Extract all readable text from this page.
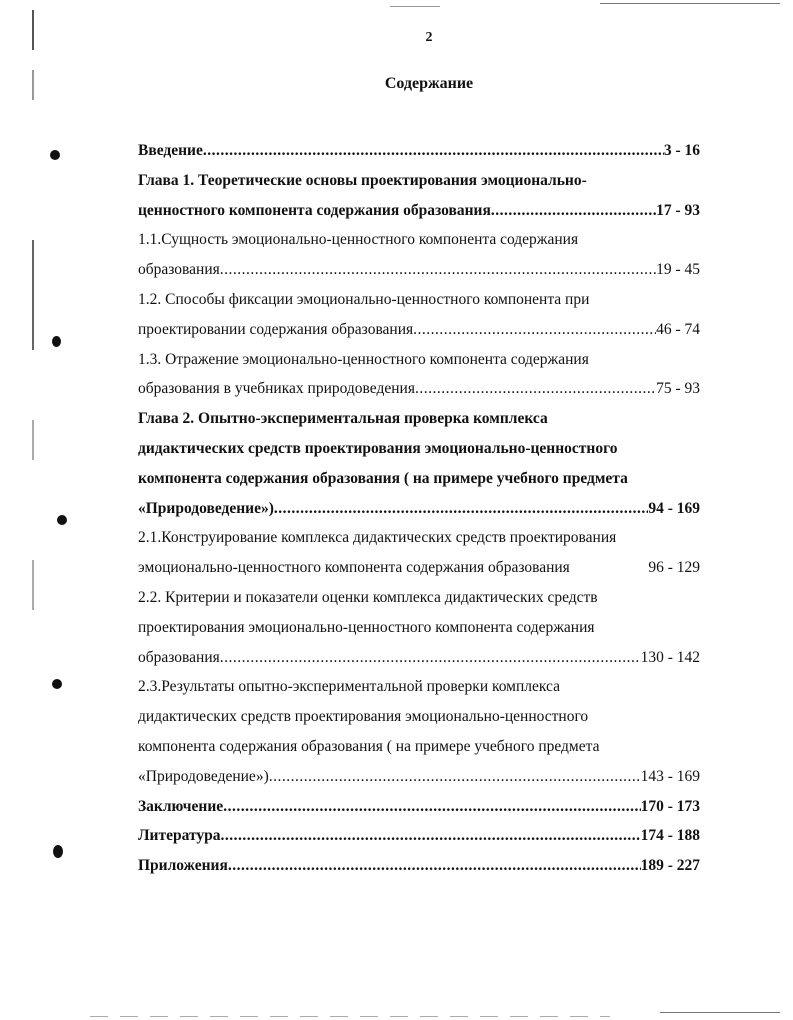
2
Содержание
Введение .....	3 - 16
Глава 1. Теоретические основы проектирования эмоционально-
ценностного компонента содержания образования .....	17 - 93
1.1.Сущность эмоционально-ценностного компонента содержания
образования .....	19 - 45
1.2. Способы фиксации эмоционально-ценностного компонента при
проектировании содержания образования .....	46 - 74
1.3. Отражение эмоционально-ценностного компонента содержания
образования в учебниках природоведения .....	75 - 93
Глава 2. Опытно-экспериментальная проверка комплекса
дидактических средств проектирования эмоционально-ценностного
компонента содержания образования ( на примере учебного предмета
«Природоведение») .....	94 - 169
2.1.Конструирование комплекса дидактических средств проектирования
эмоционально-ценностного компонента содержания образования	96 - 129
2.2. Критерии и показатели оценки комплекса дидактических средств
проектирования эмоционально-ценностного компонента содержания
образования .....	130 - 142
2.3.Результаты опытно-экспериментальной проверки комплекса
дидактических средств проектирования эмоционально-ценностного
компонента содержания образования ( на примере учебного предмета
«Природоведение») .....	143 - 169
Заключение .....	170 - 173
Литература .....	174 - 188
Приложения .....	189 - 227
